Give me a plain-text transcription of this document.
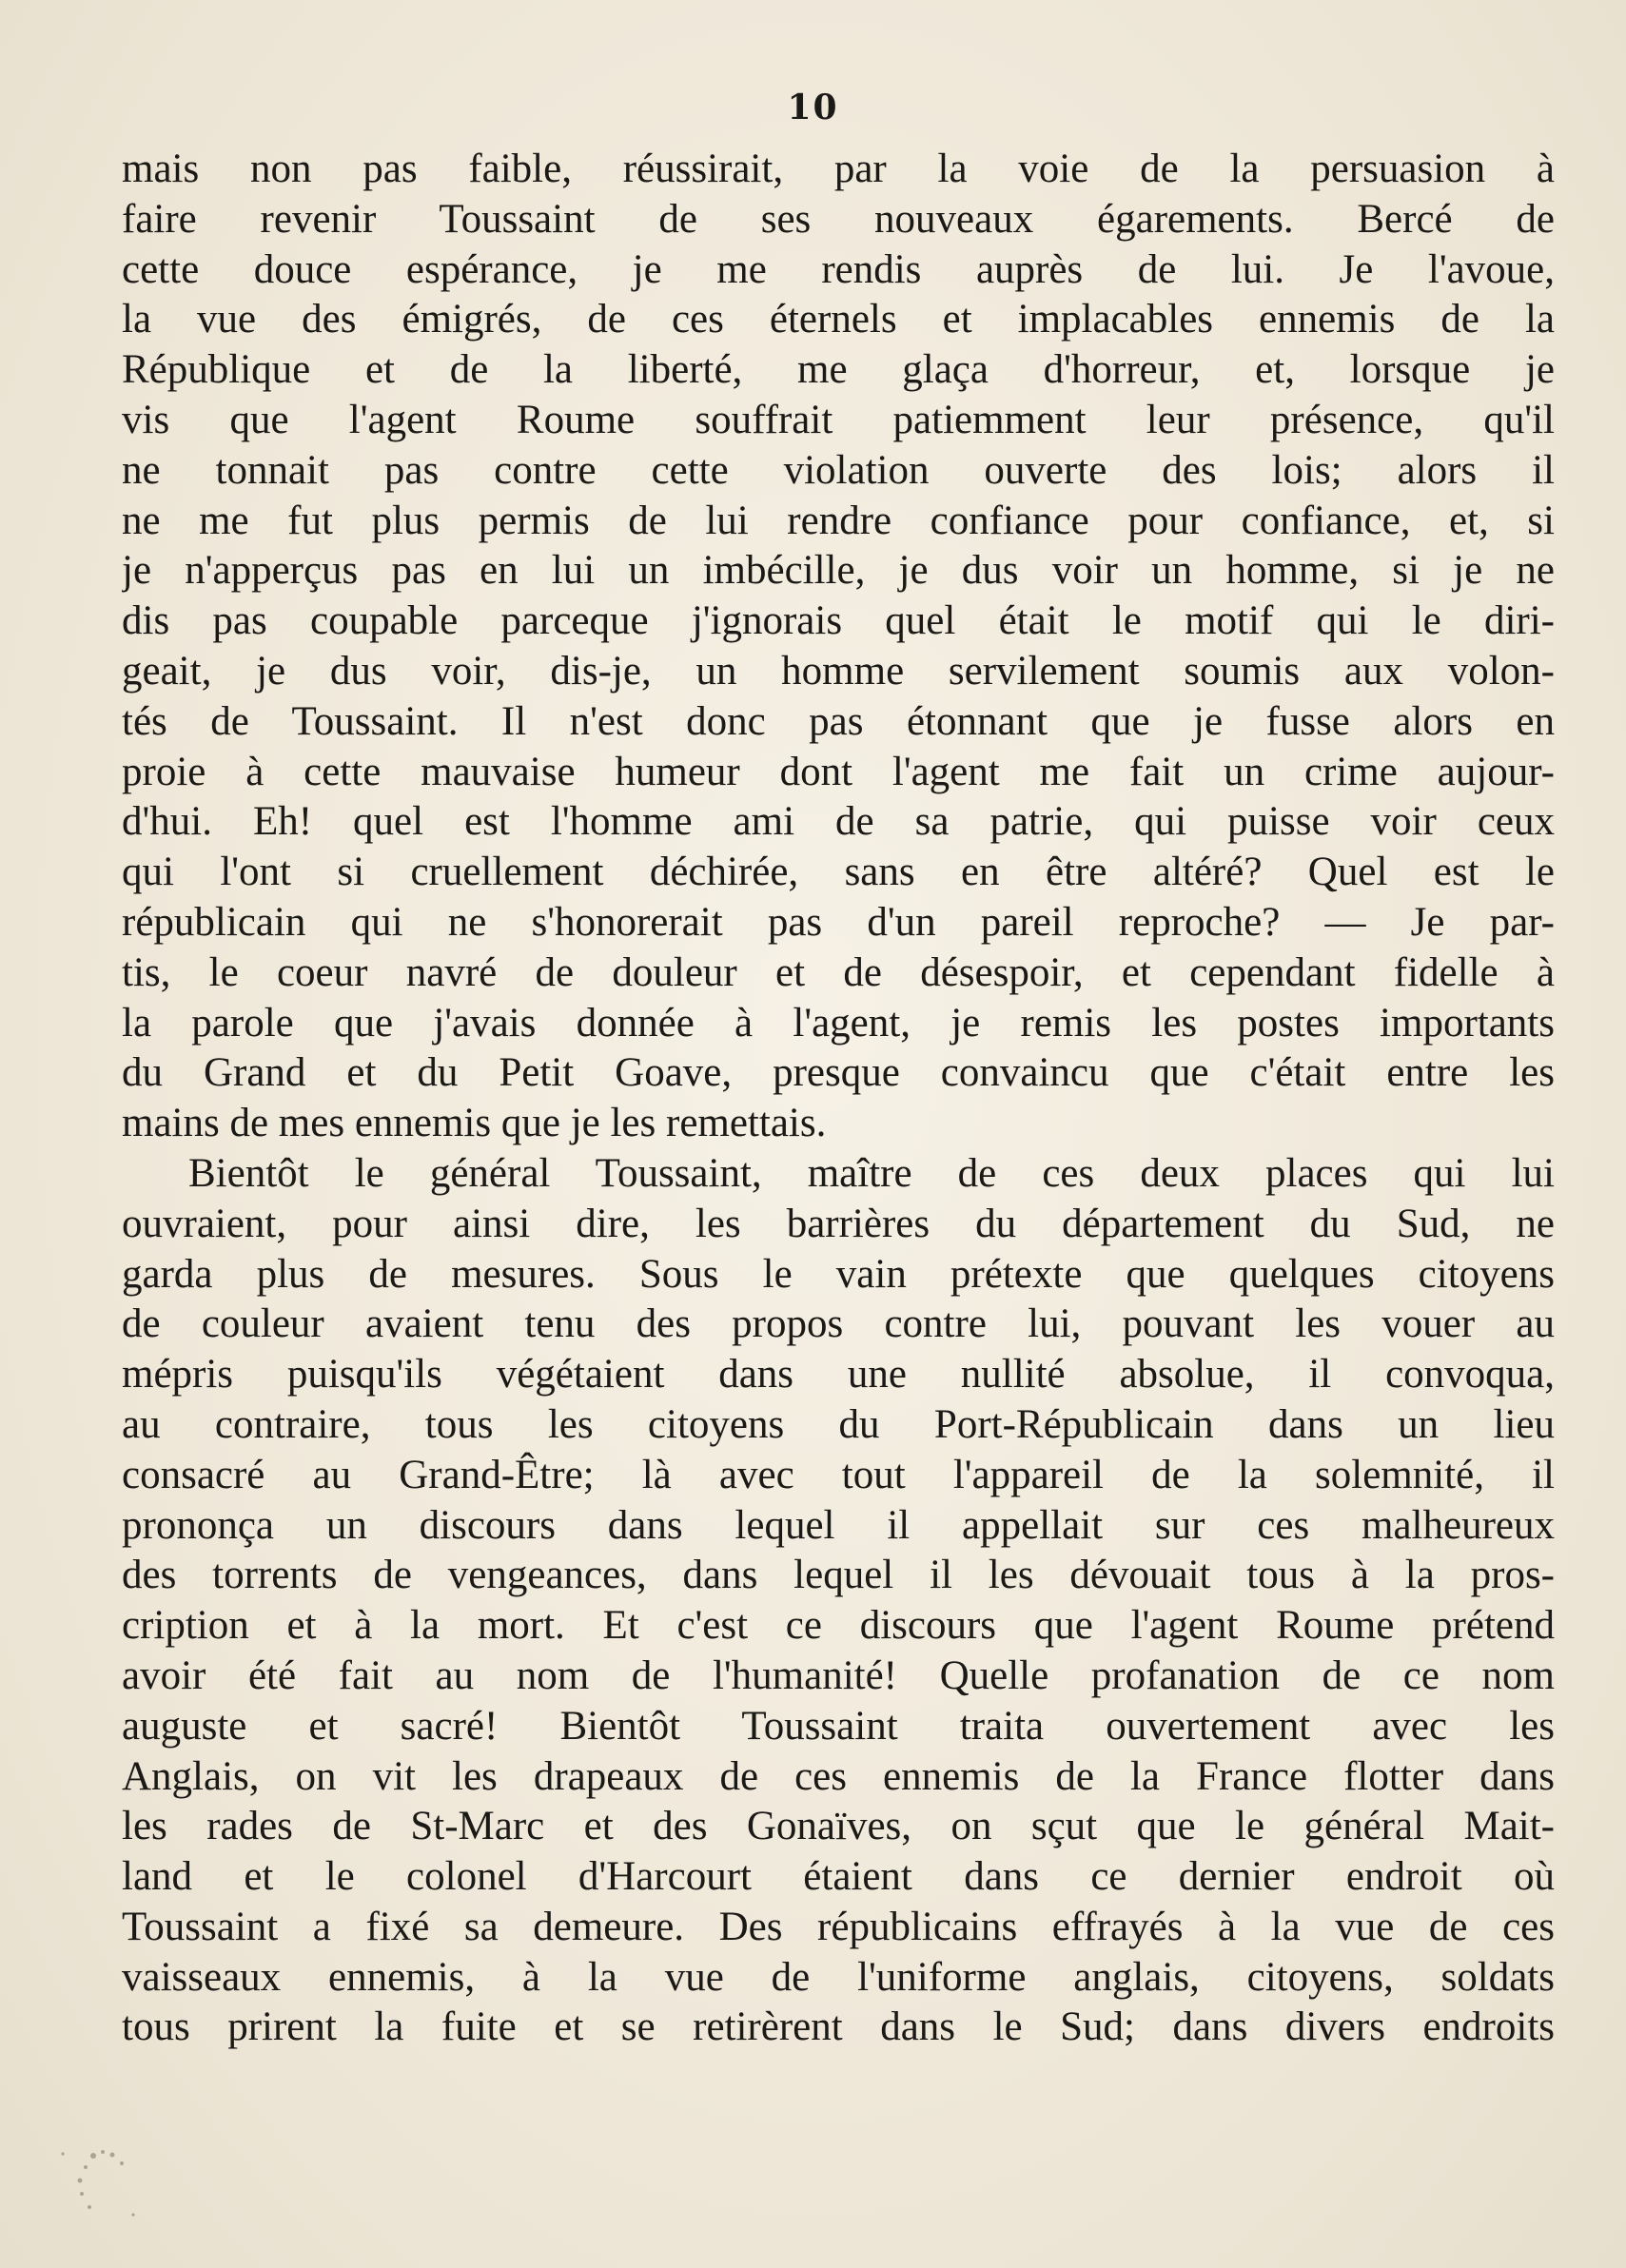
10
mais non pas faible, réussirait, par la voie de la persuasion à
faire revenir Toussaint de ses nouveaux égarements. Bercé de
cette douce espérance, je me rendis auprès de lui. Je l'avoue,
la vue des émigrés, de ces éternels et implacables ennemis de la
République et de la liberté, me glaça d'horreur, et, lorsque je
vis que l'agent Roume souffrait patiemment leur présence, qu'il
ne tonnait pas contre cette violation ouverte des lois; alors il
ne me fut plus permis de lui rendre confiance pour confiance, et, si
je n'apperçus pas en lui un imbécille, je dus voir un homme, si je ne
dis pas coupable parceque j'ignorais quel était le motif qui le diri-
geait, je dus voir, dis-je, un homme servilement soumis aux volon-
tés de Toussaint. Il n'est donc pas étonnant que je fusse alors en
proie à cette mauvaise humeur dont l'agent me fait un crime aujour-
d'hui. Eh! quel est l'homme ami de sa patrie, qui puisse voir ceux
qui l'ont si cruellement déchirée, sans en être altéré? Quel est le
républicain qui ne s'honorerait pas d'un pareil reproche? — Je par-
tis, le coeur navré de douleur et de désespoir, et cependant fidelle à
la parole que j'avais donnée à l'agent, je remis les postes importants
du Grand et du Petit Goave, presque convaincu que c'était entre les
mains de mes ennemis que je les remettais.
Bientôt le général Toussaint, maître de ces deux places qui lui
ouvraient, pour ainsi dire, les barrières du département du Sud, ne
garda plus de mesures. Sous le vain prétexte que quelques citoyens
de couleur avaient tenu des propos contre lui, pouvant les vouer au
mépris puisqu'ils végétaient dans une nullité absolue, il convoqua,
au contraire, tous les citoyens du Port-Républicain dans un lieu
consacré au Grand-Être; là avec tout l'appareil de la solemnité, il
prononça un discours dans lequel il appellait sur ces malheureux
des torrents de vengeances, dans lequel il les dévouait tous à la pros-
cription et à la mort. Et c'est ce discours que l'agent Roume prétend
avoir été fait au nom de l'humanité! Quelle profanation de ce nom
auguste et sacré! Bientôt Toussaint traita ouvertement avec les
Anglais, on vit les drapeaux de ces ennemis de la France flotter dans
les rades de St-Marc et des Gonaïves, on sçut que le général Mait-
land et le colonel d'Harcourt étaient dans ce dernier endroit où
Toussaint a fixé sa demeure. Des républicains effrayés à la vue de ces
vaisseaux ennemis, à la vue de l'uniforme anglais, citoyens, soldats
tous prirent la fuite et se retirèrent dans le Sud; dans divers endroits
